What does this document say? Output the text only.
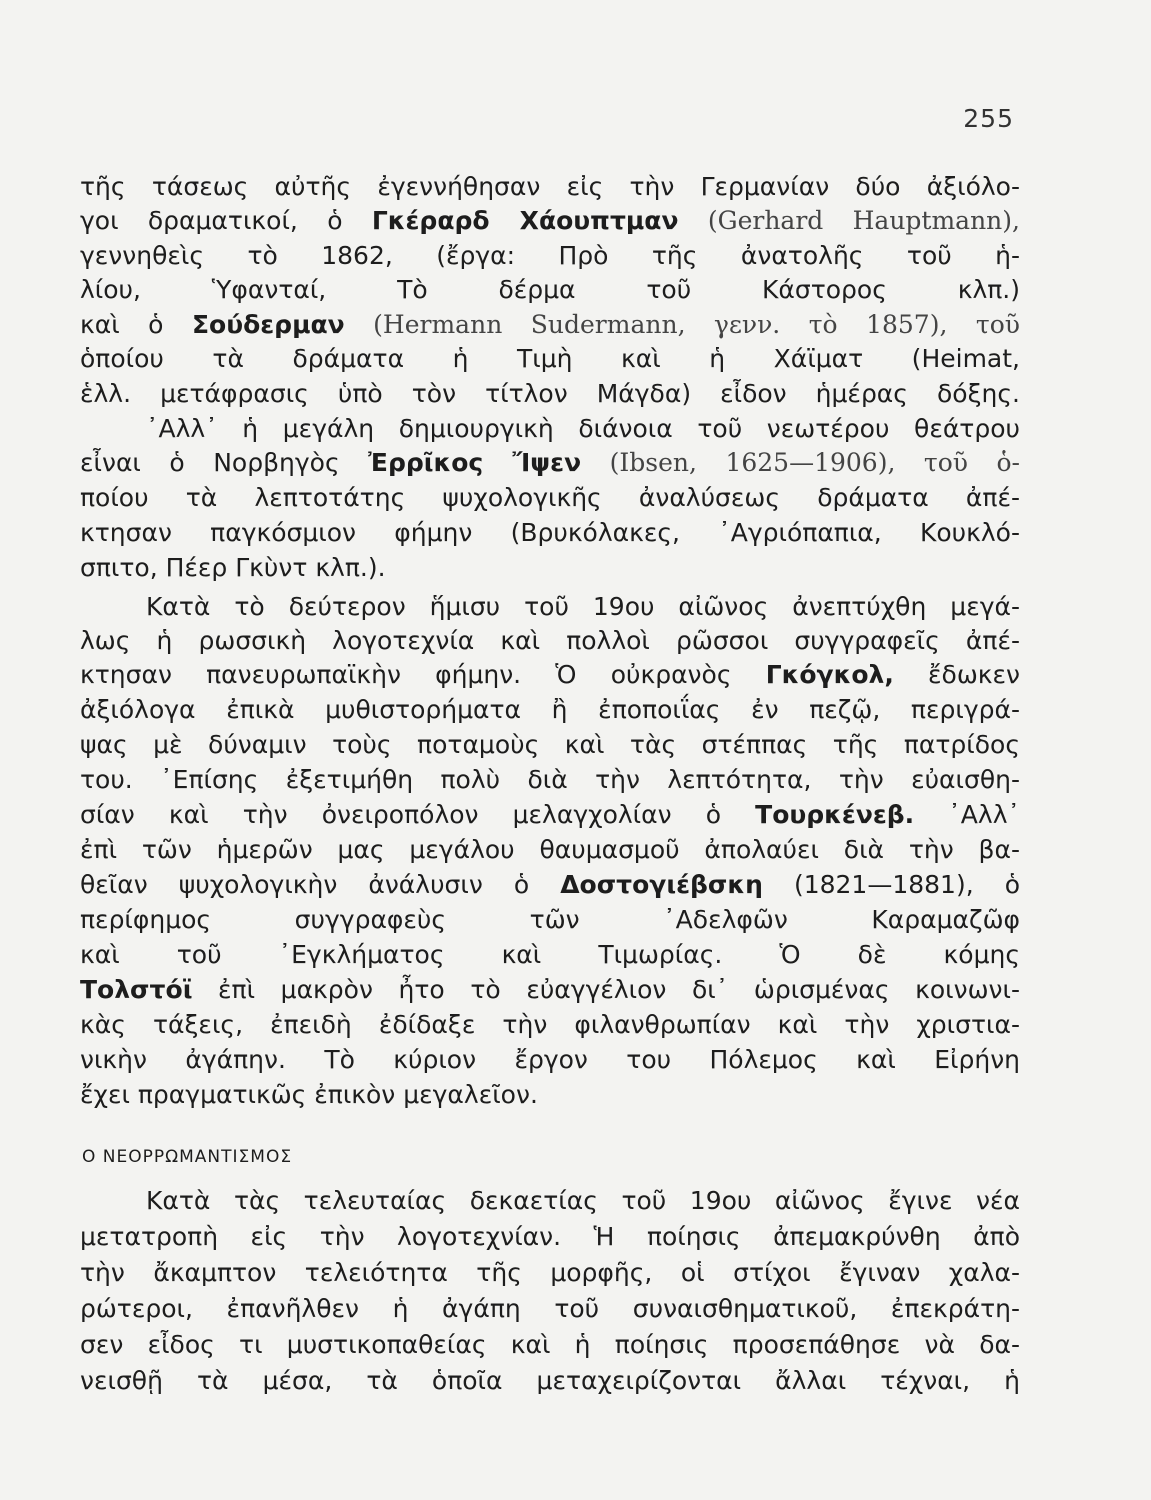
255
τῆς τάσεως αὐτῆς ἐγεννήθησαν εἰς τὴν Γερμανίαν δύο ἀξιόλο-
γοι δραματικοί, ὁ Γκέραρδ Χάουπτμαν (Gerhard Hauptmann),
γεννηθεὶς τὸ 1862, (ἔργα: Πρὸ τῆς ἀνατολῆς τοῦ ἡ-
λίου, Ὑφανταί, Τὸ δέρμα τοῦ Κάστορος κλπ.)
καὶ ὁ Σούδερμαν (Hermann Sudermann, γενν. τὸ 1857), τοῦ
ὁποίου τὰ δράματα ἡ Τιμὴ καὶ ἡ Χάϊματ (Heimat,
ἑλλ. μετάφρασις ὑπὸ τὸν τίτλον Μάγδα) εἶδον ἡμέρας δόξης.
᾿Αλλ᾿ ἡ μεγάλη δημιουργικὴ διάνοια τοῦ νεωτέρου θεάτρου
εἶναι ὁ Νορβηγὸς Ἐρρῖκος Ἴψεν (Ibsen, 1625—1906), τοῦ ὁ-
ποίου τὰ λεπτοτάτης ψυχολογικῆς ἀναλύσεως δράματα ἀπέ-
κτησαν παγκόσμιον φήμην (Βρυκόλακες, ᾿Αγριόπαπια, Κουκλό-
σπιτο, Πέερ Γκὺντ κλπ.).
Κατὰ τὸ δεύτερον ἥμισυ τοῦ 19ου αἰῶνος ἀνεπτύχθη μεγά-
λως ἡ ρωσσικὴ λογοτεχνία καὶ πολλοὶ ρῶσσοι συγγραφεῖς ἀπέ-
κτησαν πανευρωπαϊκὴν φήμην. Ὁ οὐκρανὸς Γκόγκολ, ἔδωκεν
ἀξιόλογα ἐπικὰ μυθιστορήματα ἢ ἐποποιΐας ἐν πεζῷ, περιγρά-
ψας μὲ δύναμιν τοὺς ποταμοὺς καὶ τὰς στέππας τῆς πατρίδος
του. ᾿Επίσης ἐξετιμήθη πολὺ διὰ τὴν λεπτότητα, τὴν εὐαισθη-
σίαν καὶ τὴν ὀνειροπόλον μελαγχολίαν ὁ Τουρκένεβ. ᾿Αλλ᾿
ἐπὶ τῶν ἡμερῶν μας μεγάλου θαυμασμοῦ ἀπολαύει διὰ τὴν βα-
θεῖαν ψυχολογικὴν ἀνάλυσιν ὁ Δοστογιέβσκη (1821—1881), ὁ
περίφημος συγγραφεὺς τῶν ᾿Αδελφῶν Καραμαζῶφ
καὶ τοῦ ᾿Εγκλήματος καὶ Τιμωρίας. Ὁ δὲ κόμης
Τολστόϊ ἐπὶ μακρὸν ἦτο τὸ εὐαγγέλιον δι᾿ ὡρισμένας κοινωνι-
κὰς τάξεις, ἐπειδὴ ἐδίδαξε τὴν φιλανθρωπίαν καὶ τὴν χριστια-
νικὴν ἀγάπην. Τὸ κύριον ἔργον του Πόλεμος καὶ Εἰρήνη
ἔχει πραγματικῶς ἐπικὸν μεγαλεῖον.
Ο ΝΕΟΡΡΩΜΑΝΤΙΣΜΟΣ
Κατὰ τὰς τελευταίας δεκαετίας τοῦ 19ου αἰῶνος ἔγινε νέα
μετατροπὴ εἰς τὴν λογοτεχνίαν. Ἡ ποίησις ἀπεμακρύνθη ἀπὸ
τὴν ἄκαμπτον τελειότητα τῆς μορφῆς, οἱ στίχοι ἔγιναν χαλα-
ρώτεροι, ἐπανῆλθεν ἡ ἀγάπη τοῦ συναισθηματικοῦ, ἐπεκράτη-
σεν εἶδος τι μυστικοπαθείας καὶ ἡ ποίησις προσεπάθησε νὰ δα-
νεισθῇ τὰ μέσα, τὰ ὁποῖα μεταχειρίζονται ἄλλαι τέχναι, ἡ
